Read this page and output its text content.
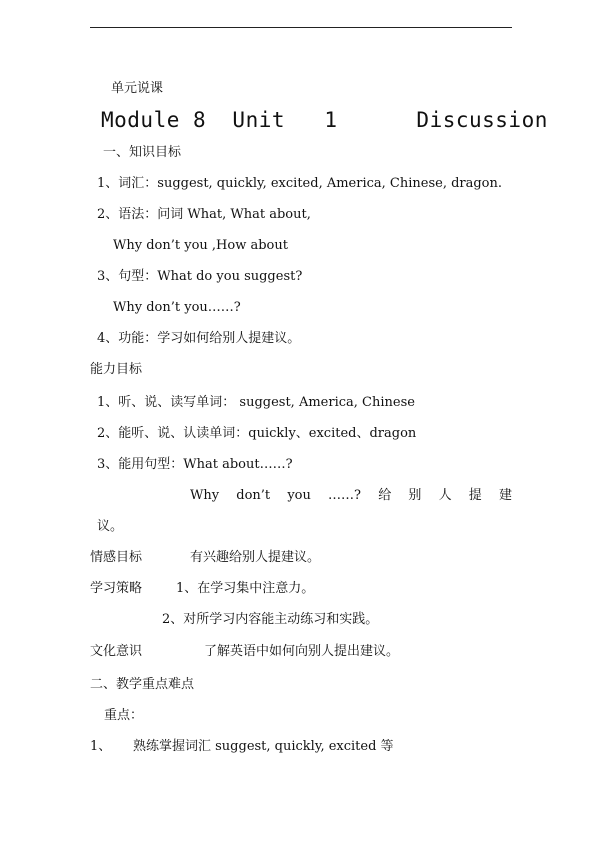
单元说课
Module 8  Unit   1      Discussion
一、知识目标
1、词汇：suggest, quickly, excited, America, Chinese, dragon.
2、语法：问词 What, What about,
Why don’t you ,How about
3、句型：What do you suggest?
Why don’t you……?
4、功能：学习如何给别人提建议。
能力目标
1、听、说、读写单词： suggest, America, Chinese
2、能听、说、认读单词：quickly、excited、dragon
3、能用句型：What about……?
Why don’t you ……? 给 别 人 提 建
议。
情感目标	有兴趣给别人提建议。
学习策略	1、在学习集中注意力。
2、对所学习内容能主动练习和实践。
文化意识	了解英语中如何向别人提出建议。
二、教学重点难点
重点：
1、 熟练掌握词汇 suggest, quickly, excited 等
